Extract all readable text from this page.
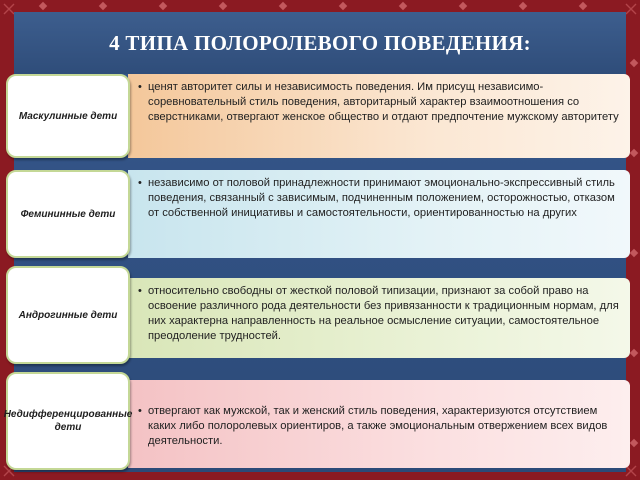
4 ТИПА ПОЛОРОЛЕВОГО ПОВЕДЕНИЯ:
Маскулинные дети
• ценят авторитет силы и независимость поведения. Им присущ независимо-соревновательный стиль поведения, авторитарный характер взаимоотношения со сверстниками, отвергают женское общество и отдают предпочтение мужскому авторитету
Фемининные дети
• независимо от половой принадлежности принимают эмоционально-экспрессивный стиль поведения, связанный с зависимым, подчиненным положением, осторожностью, отказом от собственной инициативы и самостоятельности, ориентированностью на других
Андрогинные дети
• относительно свободны от жесткой половой типизации, признают за собой право на освоение различного рода деятельности без привязанности к традиционным нормам, для них характерна направленность на реальное осмысление ситуации, самостоятельное преодоление трудностей.
Недифференцированные дети
• отвергают как мужской, так и женский стиль поведения, характеризуются отсутствием каких либо полоролевых ориентиров, а также эмоциональным отвержением всех видов деятельности.
